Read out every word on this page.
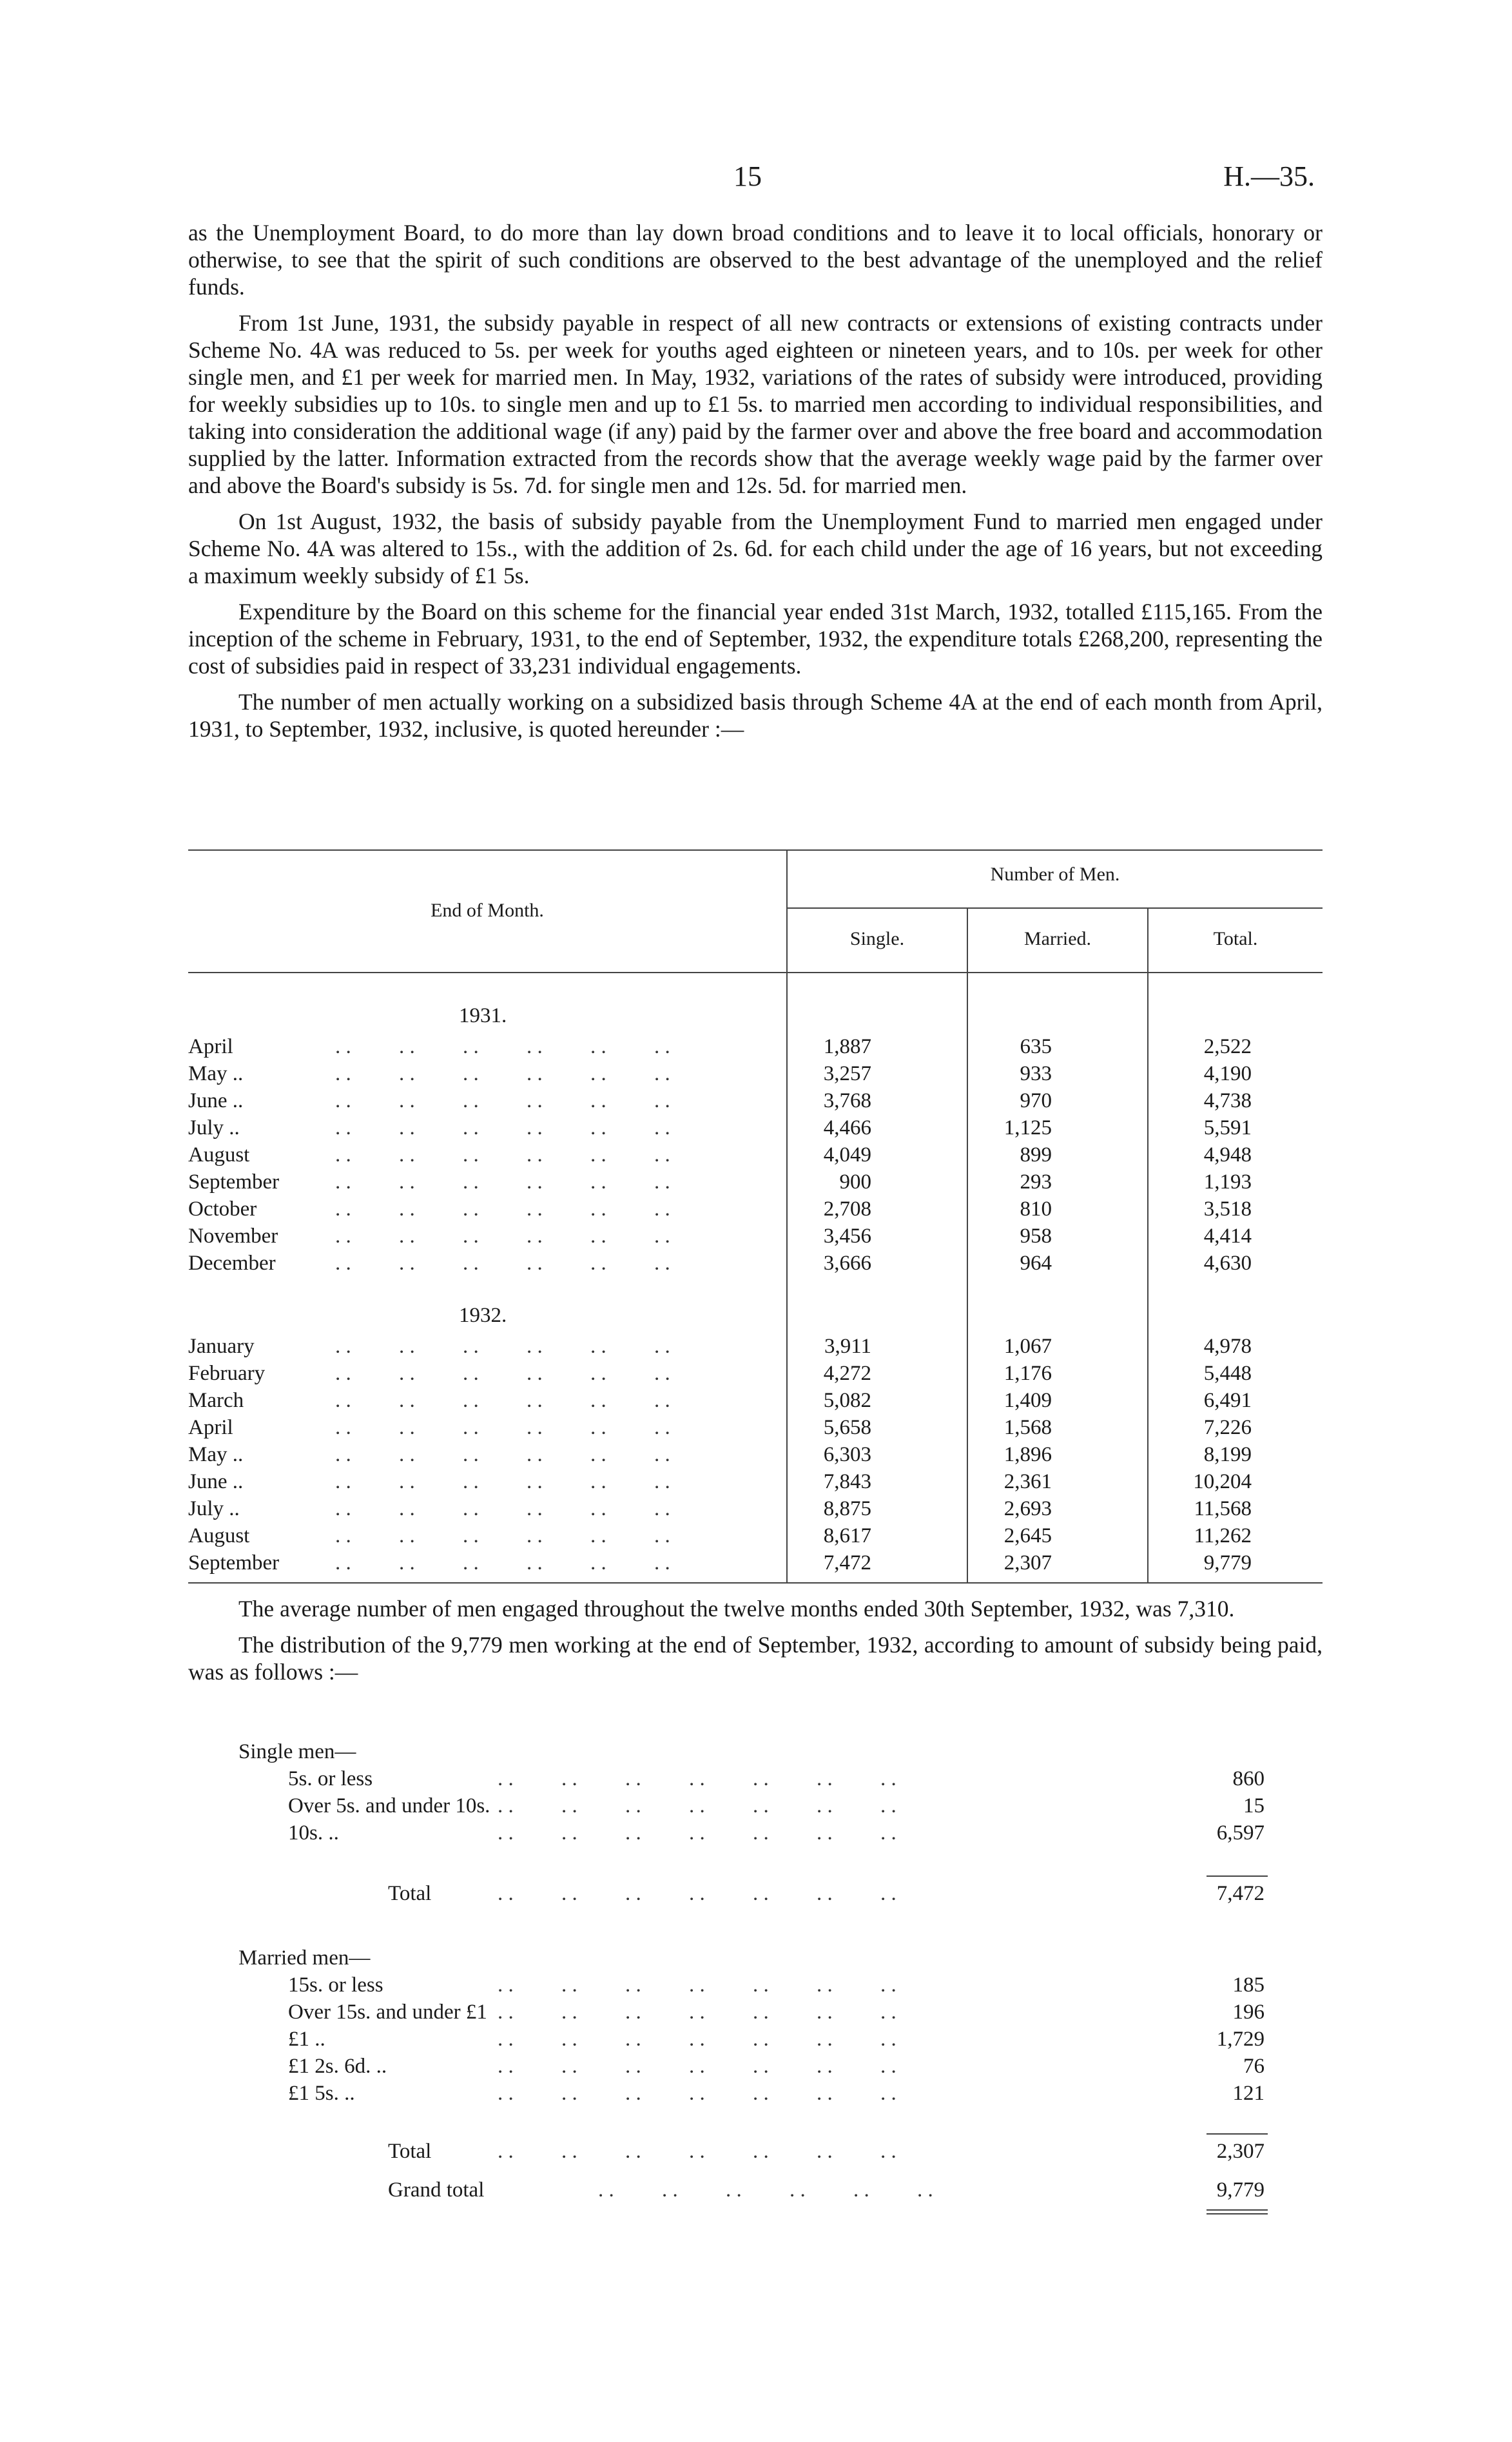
15	H.—35.

as the Unemployment Board, to do more than lay down broad conditions and to leave it to local officials, honorary or otherwise, to see that the spirit of such conditions are observed to the best advantage of the unemployed and the relief funds.

From 1st June, 1931, the subsidy payable in respect of all new contracts or extensions of existing contracts under Scheme No. 4A was reduced to 5s. per week for youths aged eighteen or nineteen years, and to 10s. per week for other single men, and £1 per week for married men. In May, 1932, variations of the rates of subsidy were introduced, providing for weekly subsidies up to 10s. to single men and up to £1 5s. to married men according to individual responsibilities, and taking into consideration the additional wage (if any) paid by the farmer over and above the free board and accommodation supplied by the latter. Information extracted from the records show that the average weekly wage paid by the farmer over and above the Board's subsidy is 5s. 7d. for single men and 12s. 5d. for married men.

On 1st August, 1932, the basis of subsidy payable from the Unemployment Fund to married men engaged under Scheme No. 4A was altered to 15s., with the addition of 2s. 6d. for each child under the age of 16 years, but not exceeding a maximum weekly subsidy of £1 5s.

Expenditure by the Board on this scheme for the financial year ended 31st March, 1932, totalled £115,165. From the inception of the scheme in February, 1931, to the end of September, 1932, the expenditure totals £268,200, representing the cost of subsidies paid in respect of 33,231 individual engagements.

The number of men actually working on a subsidized basis through Scheme 4A at the end of each month from April, 1931, to September, 1932, inclusive, is quoted hereunder :—

End of Month.
Number of Men.
Single.	Married.	Total.
1931.
1932.
April	. .         . .         . .         . .         . .         . .	1,887	635	2,522
May ..	. .         . .         . .         . .         . .         . .	3,257	933	4,190
June ..	. .         . .         . .         . .         . .         . .	3,768	970	4,738
July ..	. .         . .         . .         . .         . .         . .	4,466	1,125	5,591
August	. .         . .         . .         . .         . .         . .	4,049	899	4,948
September	. .         . .         . .         . .         . .         . .	900	293	1,193
October	. .         . .         . .         . .         . .         . .	2,708	810	3,518
November	. .         . .         . .         . .         . .         . .	3,456	958	4,414
December	. .         . .         . .         . .         . .         . .	3,666	964	4,630
January	. .         . .         . .         . .         . .         . .	3,911	1,067	4,978
February	. .         . .         . .         . .         . .         . .	4,272	1,176	5,448
March	. .         . .         . .         . .         . .         . .	5,082	1,409	6,491
April	. .         . .         . .         . .         . .         . .	5,658	1,568	7,226
May ..	. .         . .         . .         . .         . .         . .	6,303	1,896	8,199
June ..	. .         . .         . .         . .         . .         . .	7,843	2,361	10,204
July ..	. .         . .         . .         . .         . .         . .	8,875	2,693	11,568
August	. .         . .         . .         . .         . .         . .	8,617	2,645	11,262
September	. .         . .         . .         . .         . .         . .	7,472	2,307	9,779

The average number of men engaged throughout the twelve months ended 30th September, 1932, was 7,310.

The distribution of the 9,779 men working at the end of September, 1932, according to amount of subsidy being paid, was as follows :—

Single men—
5s. or less	. .         . .         . .         . .         . .         . .         . .	860
Over 5s. and under 10s. . .         . .         . .         . .         . .         . .         . .	15
10s. ..	. .         . .         . .         . .         . .         . .         . .	6,597
Total	. .         . .         . .         . .         . .         . .         . .	7,472
Married men—
15s. or less	. .         . .         . .         . .         . .         . .         . .	185
Over 15s. and under £1 . .         . .         . .         . .         . .         . .         . .	196
£1 ..	. .         . .         . .         . .         . .         . .         . .	1,729
£1 2s. 6d. ..	. .         . .         . .         . .         . .         . .         . .	76
£1 5s. ..	. .         . .         . .         . .         . .         . .         . .	121
Total	. .         . .         . .         . .         . .         . .         . .	2,307
Grand total	. .         . .         . .         . .         . .         . .	9,779
